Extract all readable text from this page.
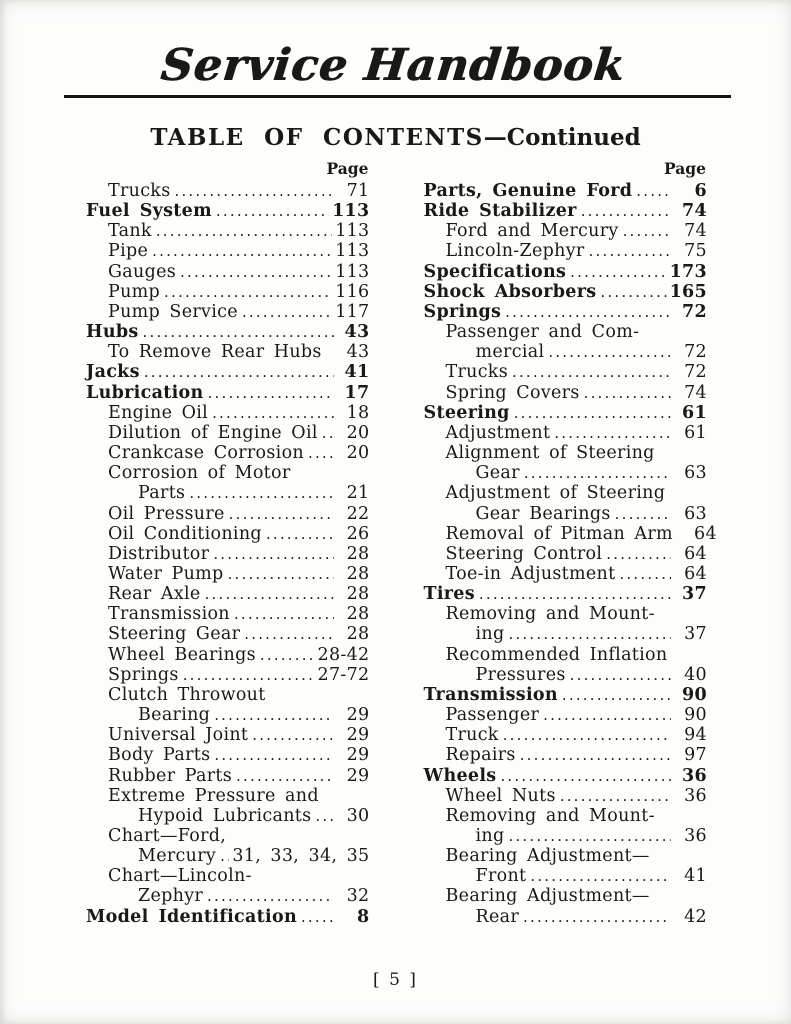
Service Handbook
TABLE OF CONTENTS—Continued
Page
Trucks .....	71
Fuel System .....	113
Tank .....	113
Pipe .....	113
Gauges .....	113
Pump .....	116
Pump Service .....	117
Hubs .....	43
To Remove Rear Hubs	43
Jacks .....	41
Lubrication .....	17
Engine Oil .....	18
Dilution of Engine Oil .....	20
Crankcase Corrosion .....	20
Corrosion of Motor
Parts .....	21
Oil Pressure .....	22
Oil Conditioning .....	26
Distributor .....	28
Water Pump .....	28
Rear Axle .....	28
Transmission .....	28
Steering Gear .....	28
Wheel Bearings .....	28-42
Springs .....	27-72
Clutch Throwout
Bearing .....	29
Universal Joint .....	29
Body Parts .....	29
Rubber Parts .....	29
Extreme Pressure and
Hypoid Lubricants .....	30
Chart—Ford,
Mercury ..... 31, 33, 34, 35
Chart—Lincoln-
Zephyr .....	32
Model Identification .....	8
Page
Parts, Genuine Ford .....	6
Ride Stabilizer .....	74
Ford and Mercury .....	74
Lincoln-Zephyr .....	75
Specifications .....	173
Shock Absorbers .....	165
Springs .....	72
Passenger and Com-
mercial .....	72
Trucks .....	72
Spring Covers .....	74
Steering .....	61
Adjustment .....	61
Alignment of Steering
Gear .....	63
Adjustment of Steering
Gear Bearings .....	63
Removal of Pitman Arm	64
Steering Control .....	64
Toe-in Adjustment .....	64
Tires .....	37
Removing and Mount-
ing .....	37
Recommended Inflation
Pressures .....	40
Transmission .....	90
Passenger .....	90
Truck .....	94
Repairs .....	97
Wheels .....	36
Wheel Nuts .....	36
Removing and Mount-
ing .....	36
Bearing Adjustment—
Front .....	41
Bearing Adjustment—
Rear .....	42
[ 5 ]
